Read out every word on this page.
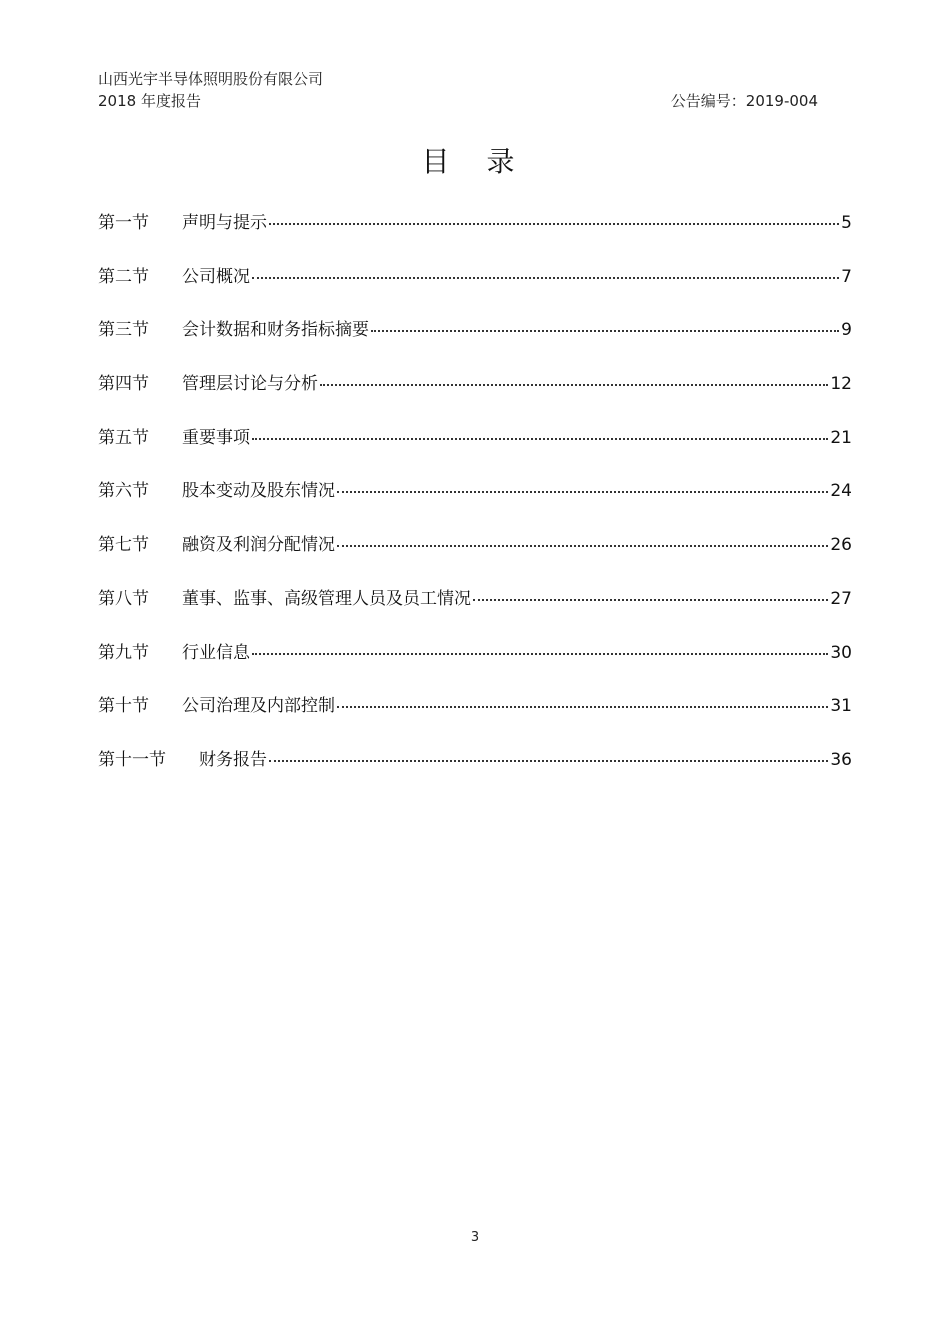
山西光宇半导体照明股份有限公司
2018 年度报告	公告编号：2019-004
目 录
第一节	声明与提示	5
第二节	公司概况	7
第三节	会计数据和财务指标摘要	9
第四节	管理层讨论与分析	12
第五节	重要事项	21
第六节	股本变动及股东情况	24
第七节	融资及利润分配情况	26
第八节	董事、监事、高级管理人员及员工情况	27
第九节	行业信息	30
第十节	公司治理及内部控制	31
第十一节	财务报告	36
3
